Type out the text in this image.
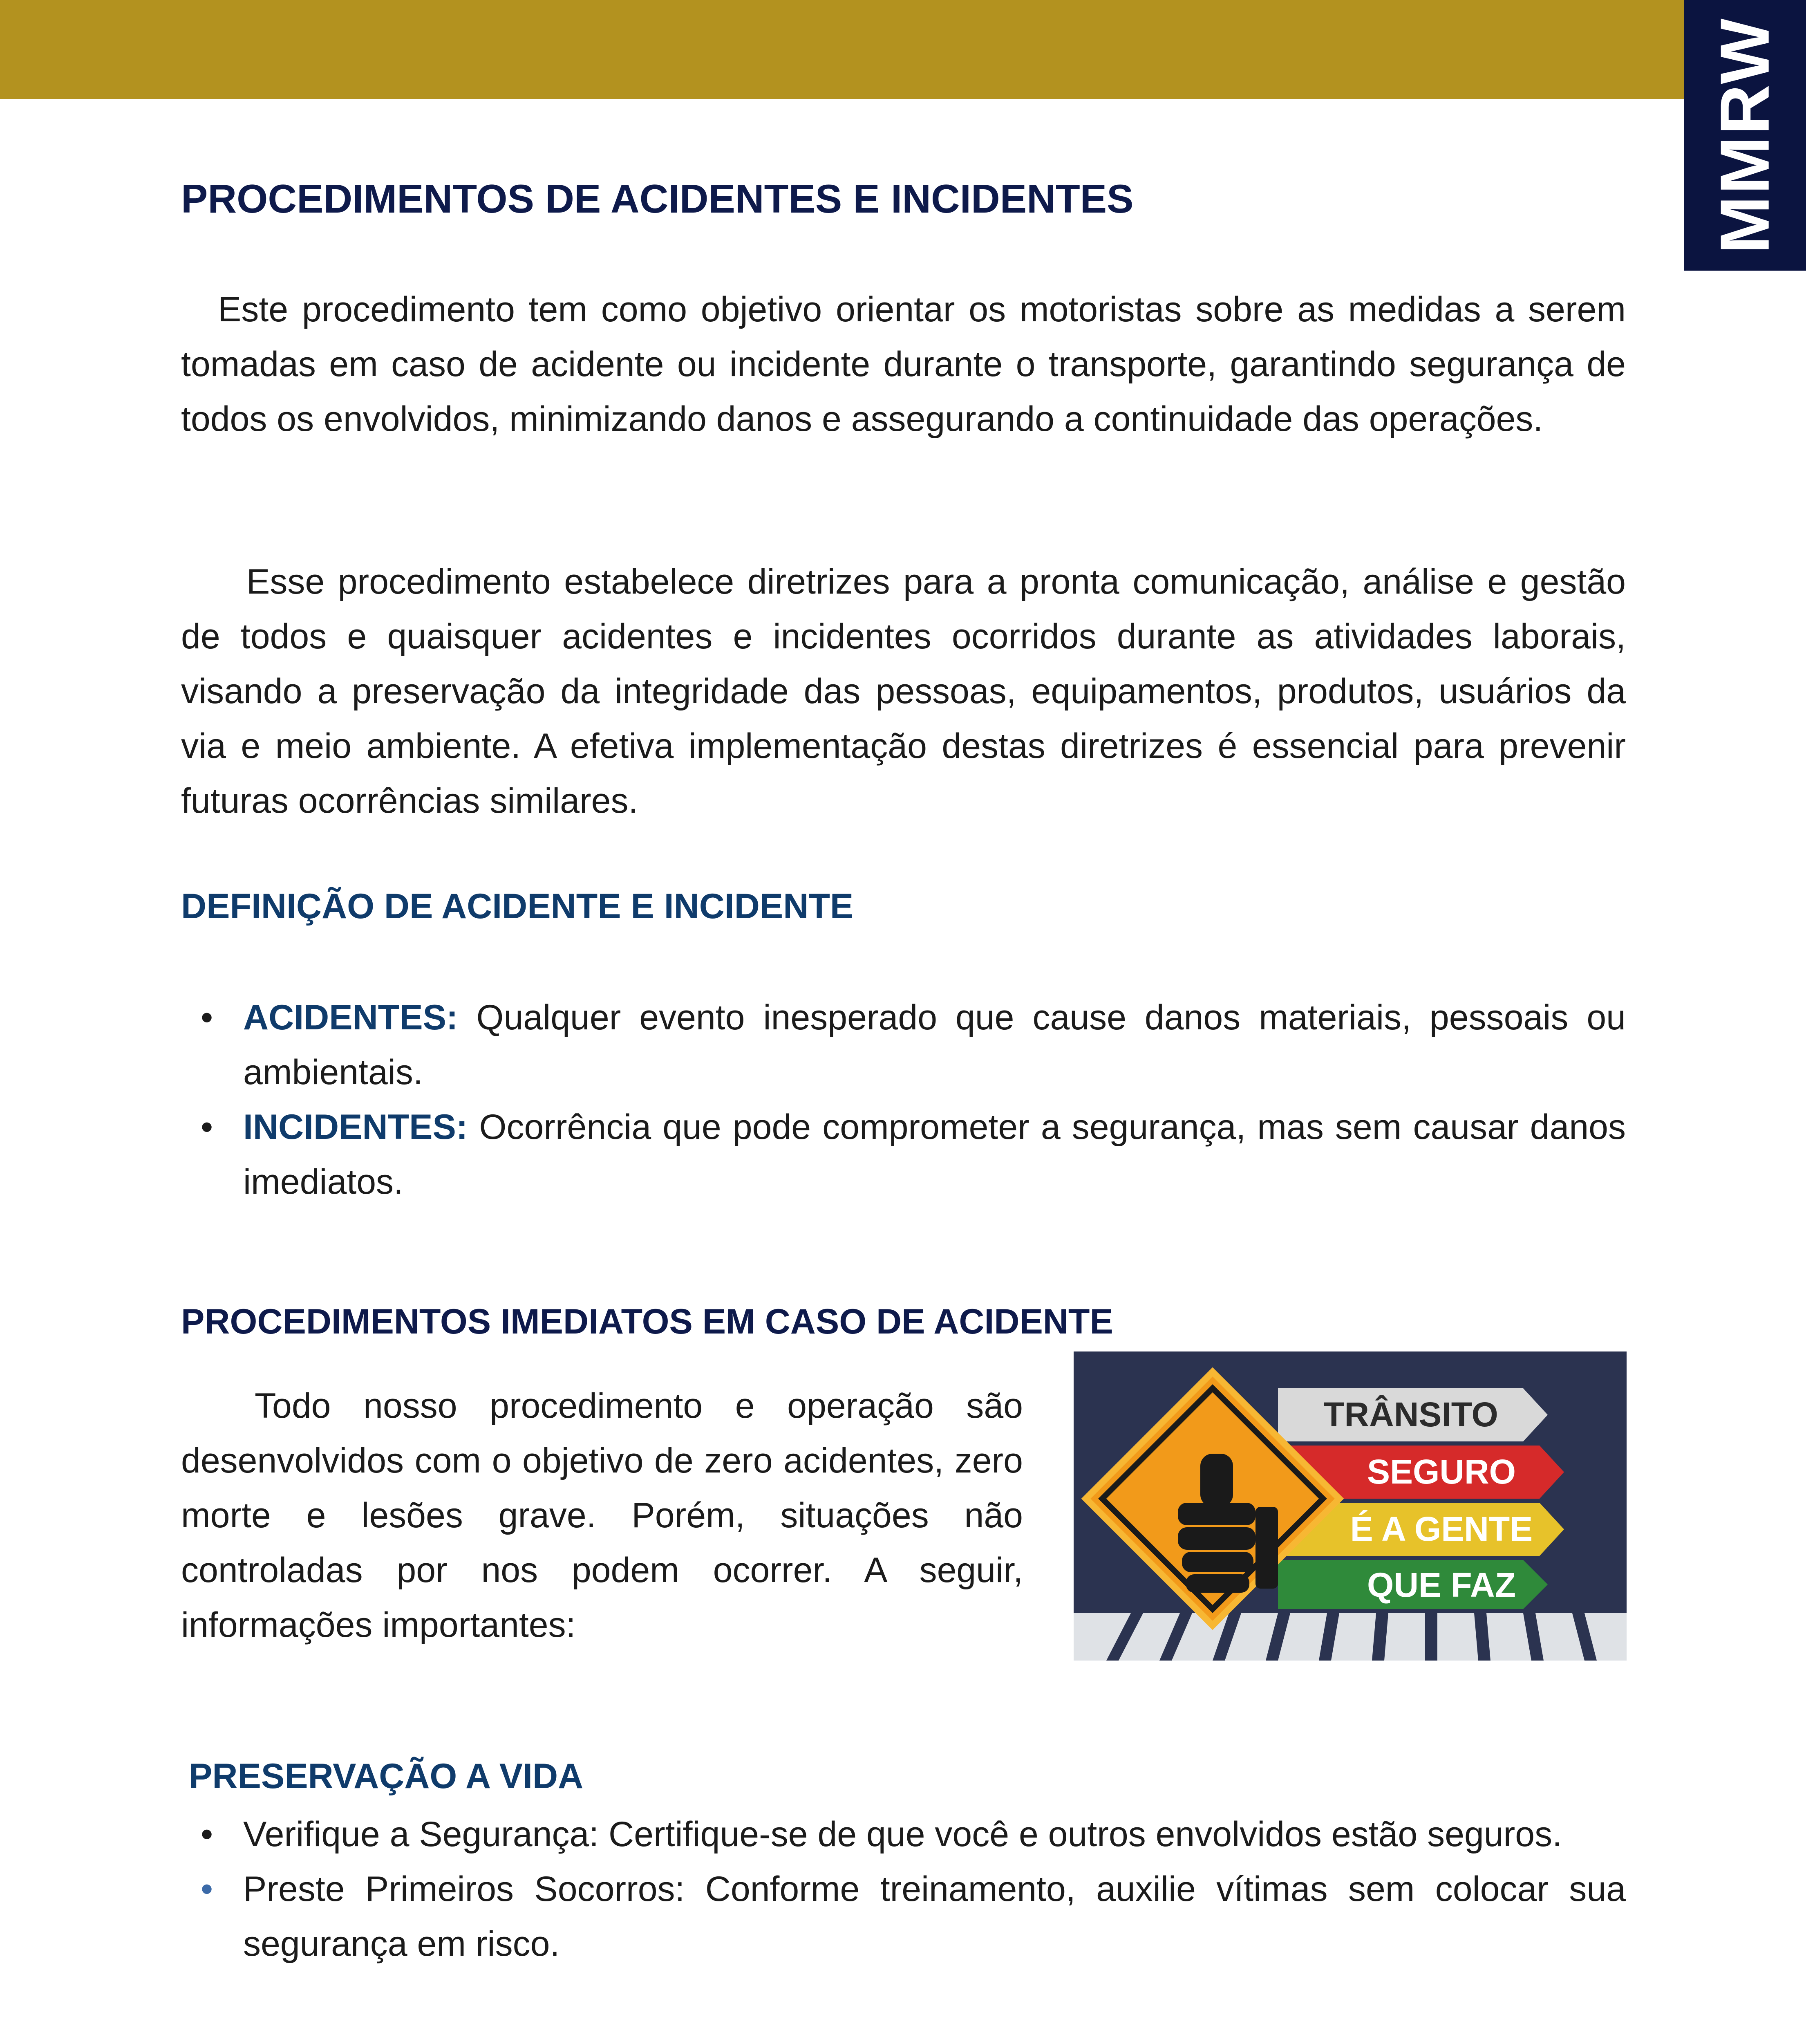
MMRW
PROCEDIMENTOS DE ACIDENTES E INCIDENTES

Este procedimento tem como objetivo orientar os motoristas sobre as medidas a serem tomadas em caso de acidente ou incidente durante o transporte, garantindo segurança de todos os envolvidos, minimizando danos e assegurando a continuidade das operações.

Esse procedimento estabelece diretrizes para a pronta comunicação, análise e gestão de todos e quaisquer acidentes e incidentes ocorridos durante as atividades laborais, visando a preservação da integridade das pessoas, equipamentos, produtos, usuários da via e meio ambiente. A efetiva implementação destas diretrizes é essencial para prevenir futuras ocorrências similares.

DEFINIÇÃO DE ACIDENTE E INCIDENTE
• ACIDENTES: Qualquer evento inesperado que cause danos materiais, pessoais ou ambientais.
• INCIDENTES: Ocorrência que pode comprometer a segurança, mas sem causar danos imediatos.
PROCEDIMENTOS IMEDIATOS EM CASO DE ACIDENTE

Todo nosso procedimento e operação são desenvolvidos com o objetivo de zero acidentes, zero morte e lesões grave. Porém, situações não controladas por nos podem ocorrer. A seguir, informações importantes:

TRÂNSITO
SEGURO
É A GENTE
QUE FAZ
PRESERVAÇÃO A VIDA
• Verifique a Segurança: Certifique-se de que você e outros envolvidos estão seguros.
• Preste Primeiros Socorros: Conforme treinamento, auxilie vítimas sem colocar sua segurança em risco.
